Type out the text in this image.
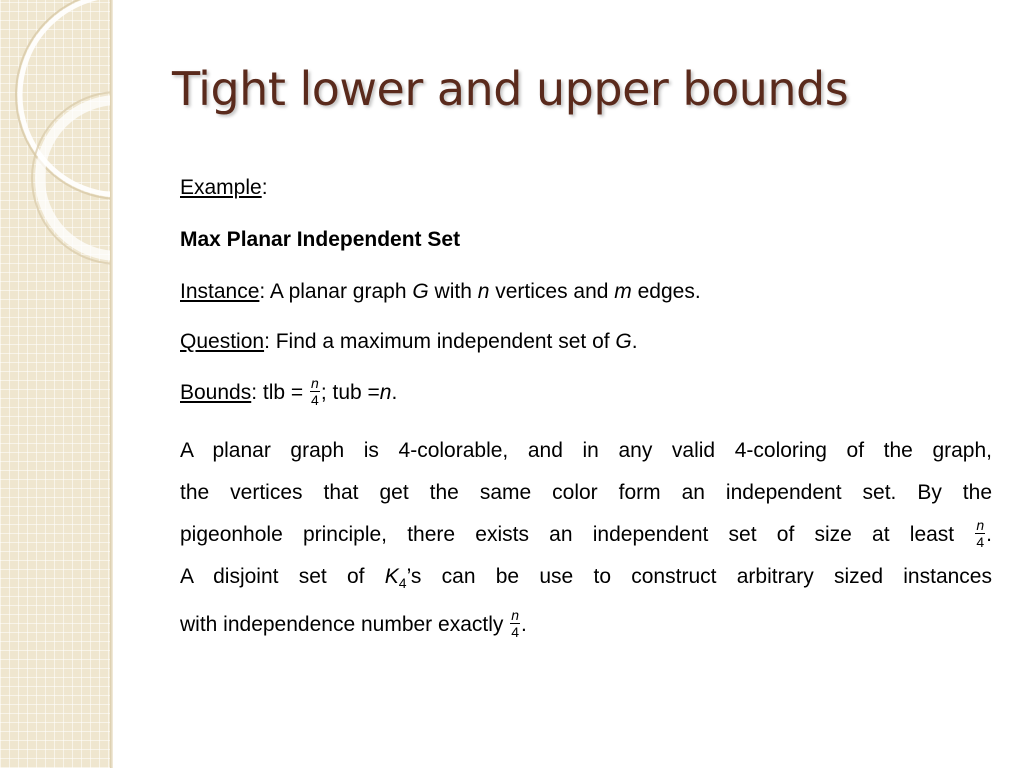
Tight lower and upper bounds

Example:

Max Planar Independent Set

Instance: A planar graph G with n vertices and m edges.

Question: Find a maximum independent set of G.

Bounds: tlb = $\frac{n}{4}$ ; tub =n.

A planar graph is 4-colorable, and in any valid 4-coloring of the graph,
the vertices that get the same color form an independent set. By the
pigeonhole principle, there exists an independent set of size at least $\frac{n}{4}$ .
A disjoint set of $K_4’s$ can be use to construct arbitrary sized instances
with independence number exactly $\frac{n}{4}$ .
